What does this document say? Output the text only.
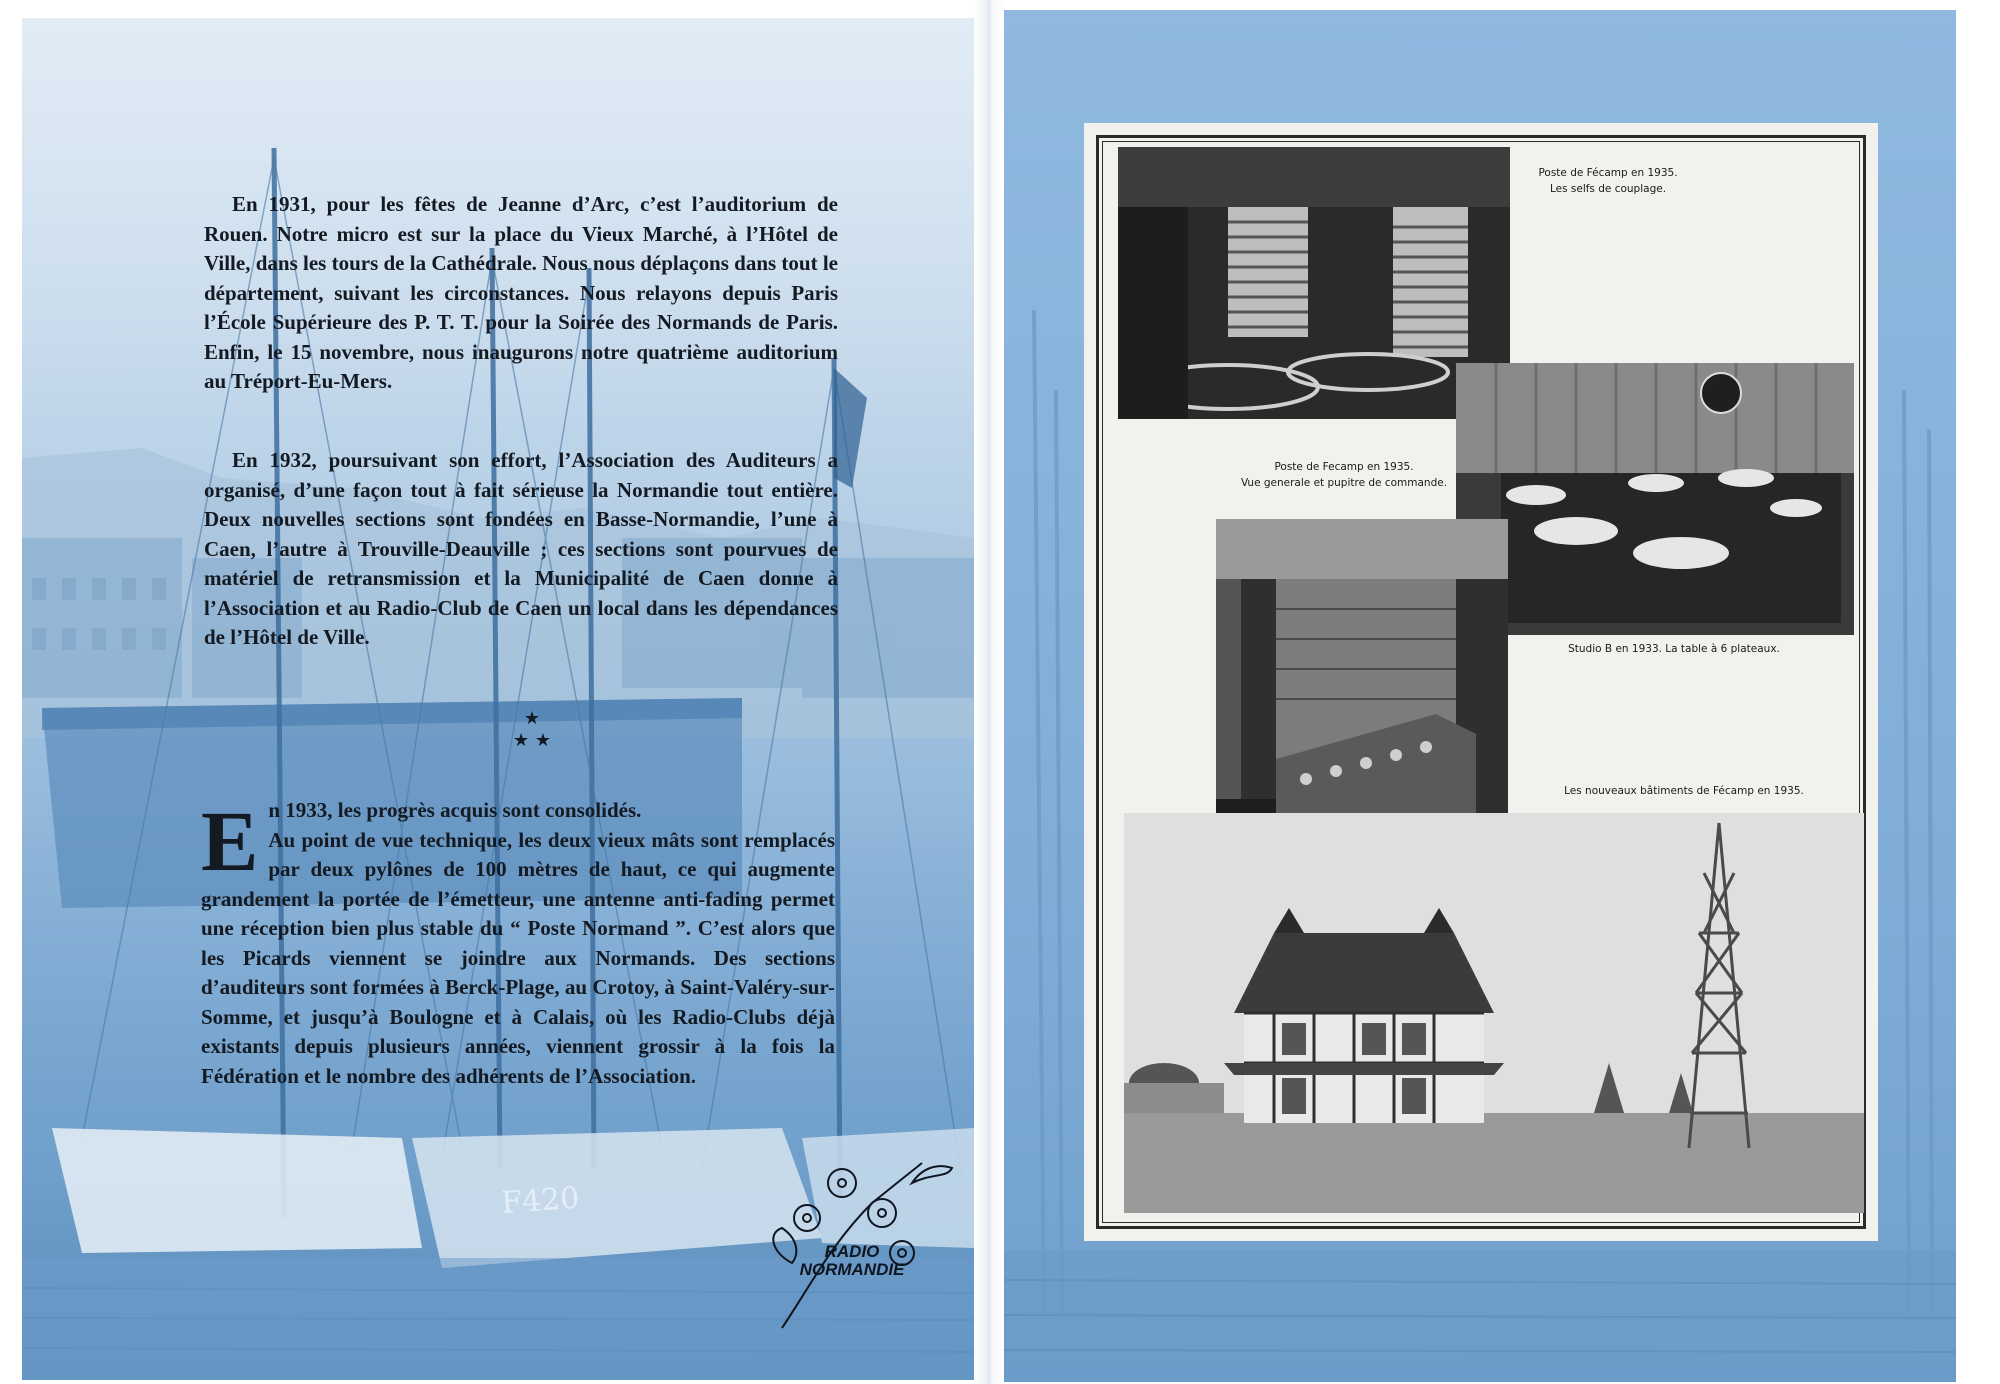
F420

En 1931, pour les fêtes de Jeanne d’Arc, c’est l’auditorium de Rouen. Notre micro est sur la place du Vieux Marché, à l’Hôtel de Ville, dans les tours de la Cathédrale. Nous nous déplaçons dans tout le département, suivant les circonstances. Nous relayons depuis Paris l’École Supérieure des P. T. T. pour la Soirée des Normands de Paris. Enfin, le 15 novembre, nous inaugurons notre quatrième auditorium au Tréport-Eu-Mers.

En 1932, poursuivant son effort, l’Association des Auditeurs a organisé, d’une façon tout à fait sérieuse la Normandie tout entière. Deux nouvelles sections sont fondées en Basse-Normandie, l’une à Caen, l’autre à Trouville-Deauville ; ces sections sont pourvues de matériel de retransmission et la Municipalité de Caen donne à l’Association et au Radio-Club de Caen un local dans les dépendances de l’Hôtel de Ville.

★
★ ★
E n 1933, les progrès acquis sont consolidés.

Au point de vue technique, les deux vieux mâts sont remplacés par deux pylônes de 100 mètres de haut, ce qui augmente grandement la portée de l’émetteur, une antenne anti-fading permet une réception bien plus stable du “ Poste Normand ”. C’est alors que les Picards viennent se joindre aux Normands. Des sections d’auditeurs sont formées à Berck-Plage, au Crotoy, à Saint-Valéry-sur-Somme, et jusqu’à Boulogne et à Calais, où les Radio-Clubs déjà existants depuis plusieurs années, viennent grossir à la fois la Fédération et le nombre des adhérents de l’Association.

RADIO
NORMANDIE
Poste de Fécamp en 1935.
Les selfs de couplage.
Poste de Fecamp en 1935.
Vue generale et pupitre de commande.
Studio B en 1933. La table à 6 plateaux.
Les nouveaux bâtiments de Fécamp en 1935.
